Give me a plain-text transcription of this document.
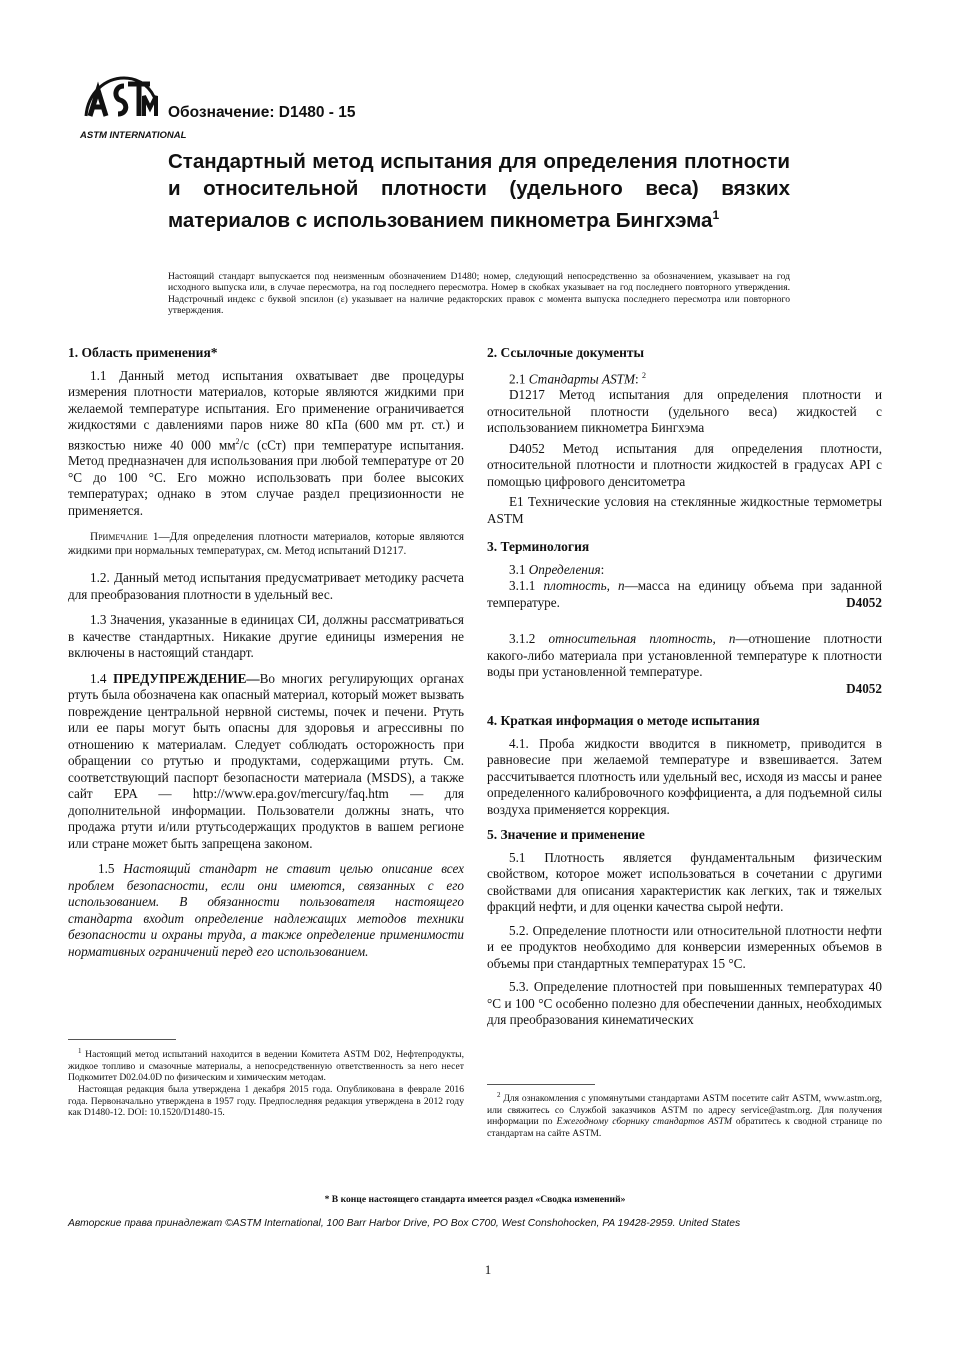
ASTM INTERNATIONAL
Обозначение: D1480 - 15
Стандартный метод испытания для определения плотности и относительной плотности (удельного веса) вязких материалов с использованием пикнометра Бингхэма$^1$
Настоящий стандарт выпускается под неизменным обозначением D1480; номер, следующий непосредственно за обозначением, указывает на год исходного выпуска или, в случае пересмотра, на год последнего пересмотра. Номер в скобках указывает на год последнего повторного утверждения. Надстрочный индекс с буквой эпсилон (ε) указывает на наличие редакторских правок с момента выпуска последнего пересмотра или повторного утверждения.
1. Область применения*

1.1 Данный метод испытания охватывает две процедуры измерения плотности материалов, которые являются жидкими при желаемой температуре испытания. Его применение ограничивается жидкостями с давлениями паров ниже 80 кПа (600 мм рт. ст.) и вязкостью ниже 40 000 $мм^2/с$ (сСт) при температуре испытания. Метод предназначен для использования при любой температуре от 20 °C до 100 °C. Его можно использовать при более высоких температурах; однако в этом случае раздел прецизионности не применяется.

Примечание 1—Для определения плотности материалов, которые являются жидкими при нормальных температурах, см. Метод испытаний D1217.

1.2. Данный метод испытания предусматривает методику расчета для преобразования плотности в удельный вес.

1.3 Значения, указанные в единицах СИ, должны рассматриваться в качестве стандартных. Никакие другие единицы измерения не включены в настоящий стандарт.

1.4 ПРЕДУПРЕЖДЕНИЕ—Во многих регулирующих органах ртуть была обозначена как опасный материал, который может вызвать повреждение центральной нервной системы, почек и печени. Ртуть или ее пары могут быть опасны для здоровья и агрессивны по отношению к материалам. Следует соблюдать осторожность при обращении со ртутью и продуктами, содержащими ртуть. См. соответствующий паспорт безопасности материала (MSDS), а также сайт EPA — http://www.epa.gov/mercury/faq.htm — для дополнительной информации. Пользователи должны знать, что продажа ртути и/или ртутьсодержащих продуктов в вашем регионе или стране может быть запрещена законом.

1.5 Настоящий стандарт не ставит целью описание всех проблем безопасности, если они имеются, связанных с его использованием. В обязанности пользователя настоящего стандарта входит определение надлежащих методов техники безопасности и охраны труда, а также определение применимости нормативных ограничений перед его использованием.

$^1$ Настоящий метод испытаний находится в ведении Комитета ASTM D02, Нефтепродукты, жидкое топливо и смазочные материалы, а непосредственную ответственность за него несет Подкомитет D02.04.0D по физическим и химическим методам.

Настоящая редакция была утверждена 1 декабря 2015 года. Опубликована в феврале 2016 года. Первоначально утверждена в 1957 году. Предпоследняя редакция утверждена в 2012 году как D1480-12. DOI: 10.1520/D1480-15.

2. Ссылочные документы

2.1 Стандарты ASTM: $^2$

D1217 Метод испытания для определения плотности и относительной плотности (удельного веса) жидкостей с использованием пикнометра Бингхэма

D4052 Метод испытания для определения плотности, относительной плотности и плотности жидкостей в градусах API с помощью цифрового денситометра

E1 Технические условия на стеклянные жидкостные термометры ASTM

3. Терминология

3.1 Определения:

3.1.1 плотность, n—масса на единицу объема при заданной температуре.	D4052

3.1.2 относительная плотность, n—отношение плотности какого-либо материала при установленной температуре к плотности воды при установленной температуре.

D4052

4. Краткая информация о методе испытания

4.1. Проба жидкости вводится в пикнометр, приводится в равновесие при желаемой температуре и взвешивается. Затем рассчитывается плотность или удельный вес, исходя из массы и ранее определенного калибровочного коэффициента, а для подъемной силы воздуха применяется коррекция.

5. Значение и применение

5.1 Плотность является фундаментальным физическим свойством, которое может использоваться в сочетании с другими свойствами для описания характеристик как легких, так и тяжелых фракций нефти, и для оценки качества сырой нефти.

5.2. Определение плотности или относительной плотности нефти и ее продуктов необходимо для конверсии измеренных объемов в объемы при стандартных температурах 15 °C.

5.3. Определение плотностей при повышенных температурах 40 °C и 100 °C особенно полезно для обеспечении данных, необходимых для преобразования кинематических

$^2$ Для ознакомления с упомянутыми стандартами ASTM посетите сайт ASTM, www.astm.org, или свяжитесь со Службой заказчиков ASTM по адресу service@astm.org. Для получения информации по Ежегодному сборнику стандартов ASTM обратитесь к сводной странице по стандартам на сайте ASTM.

* В конце настоящего стандарта имеется раздел «Сводка изменений»
Авторские права принадлежат ©ASTM International, 100 Barr Harbor Drive, PO Box C700, West Conshohocken, PA 19428-2959. United States
1
